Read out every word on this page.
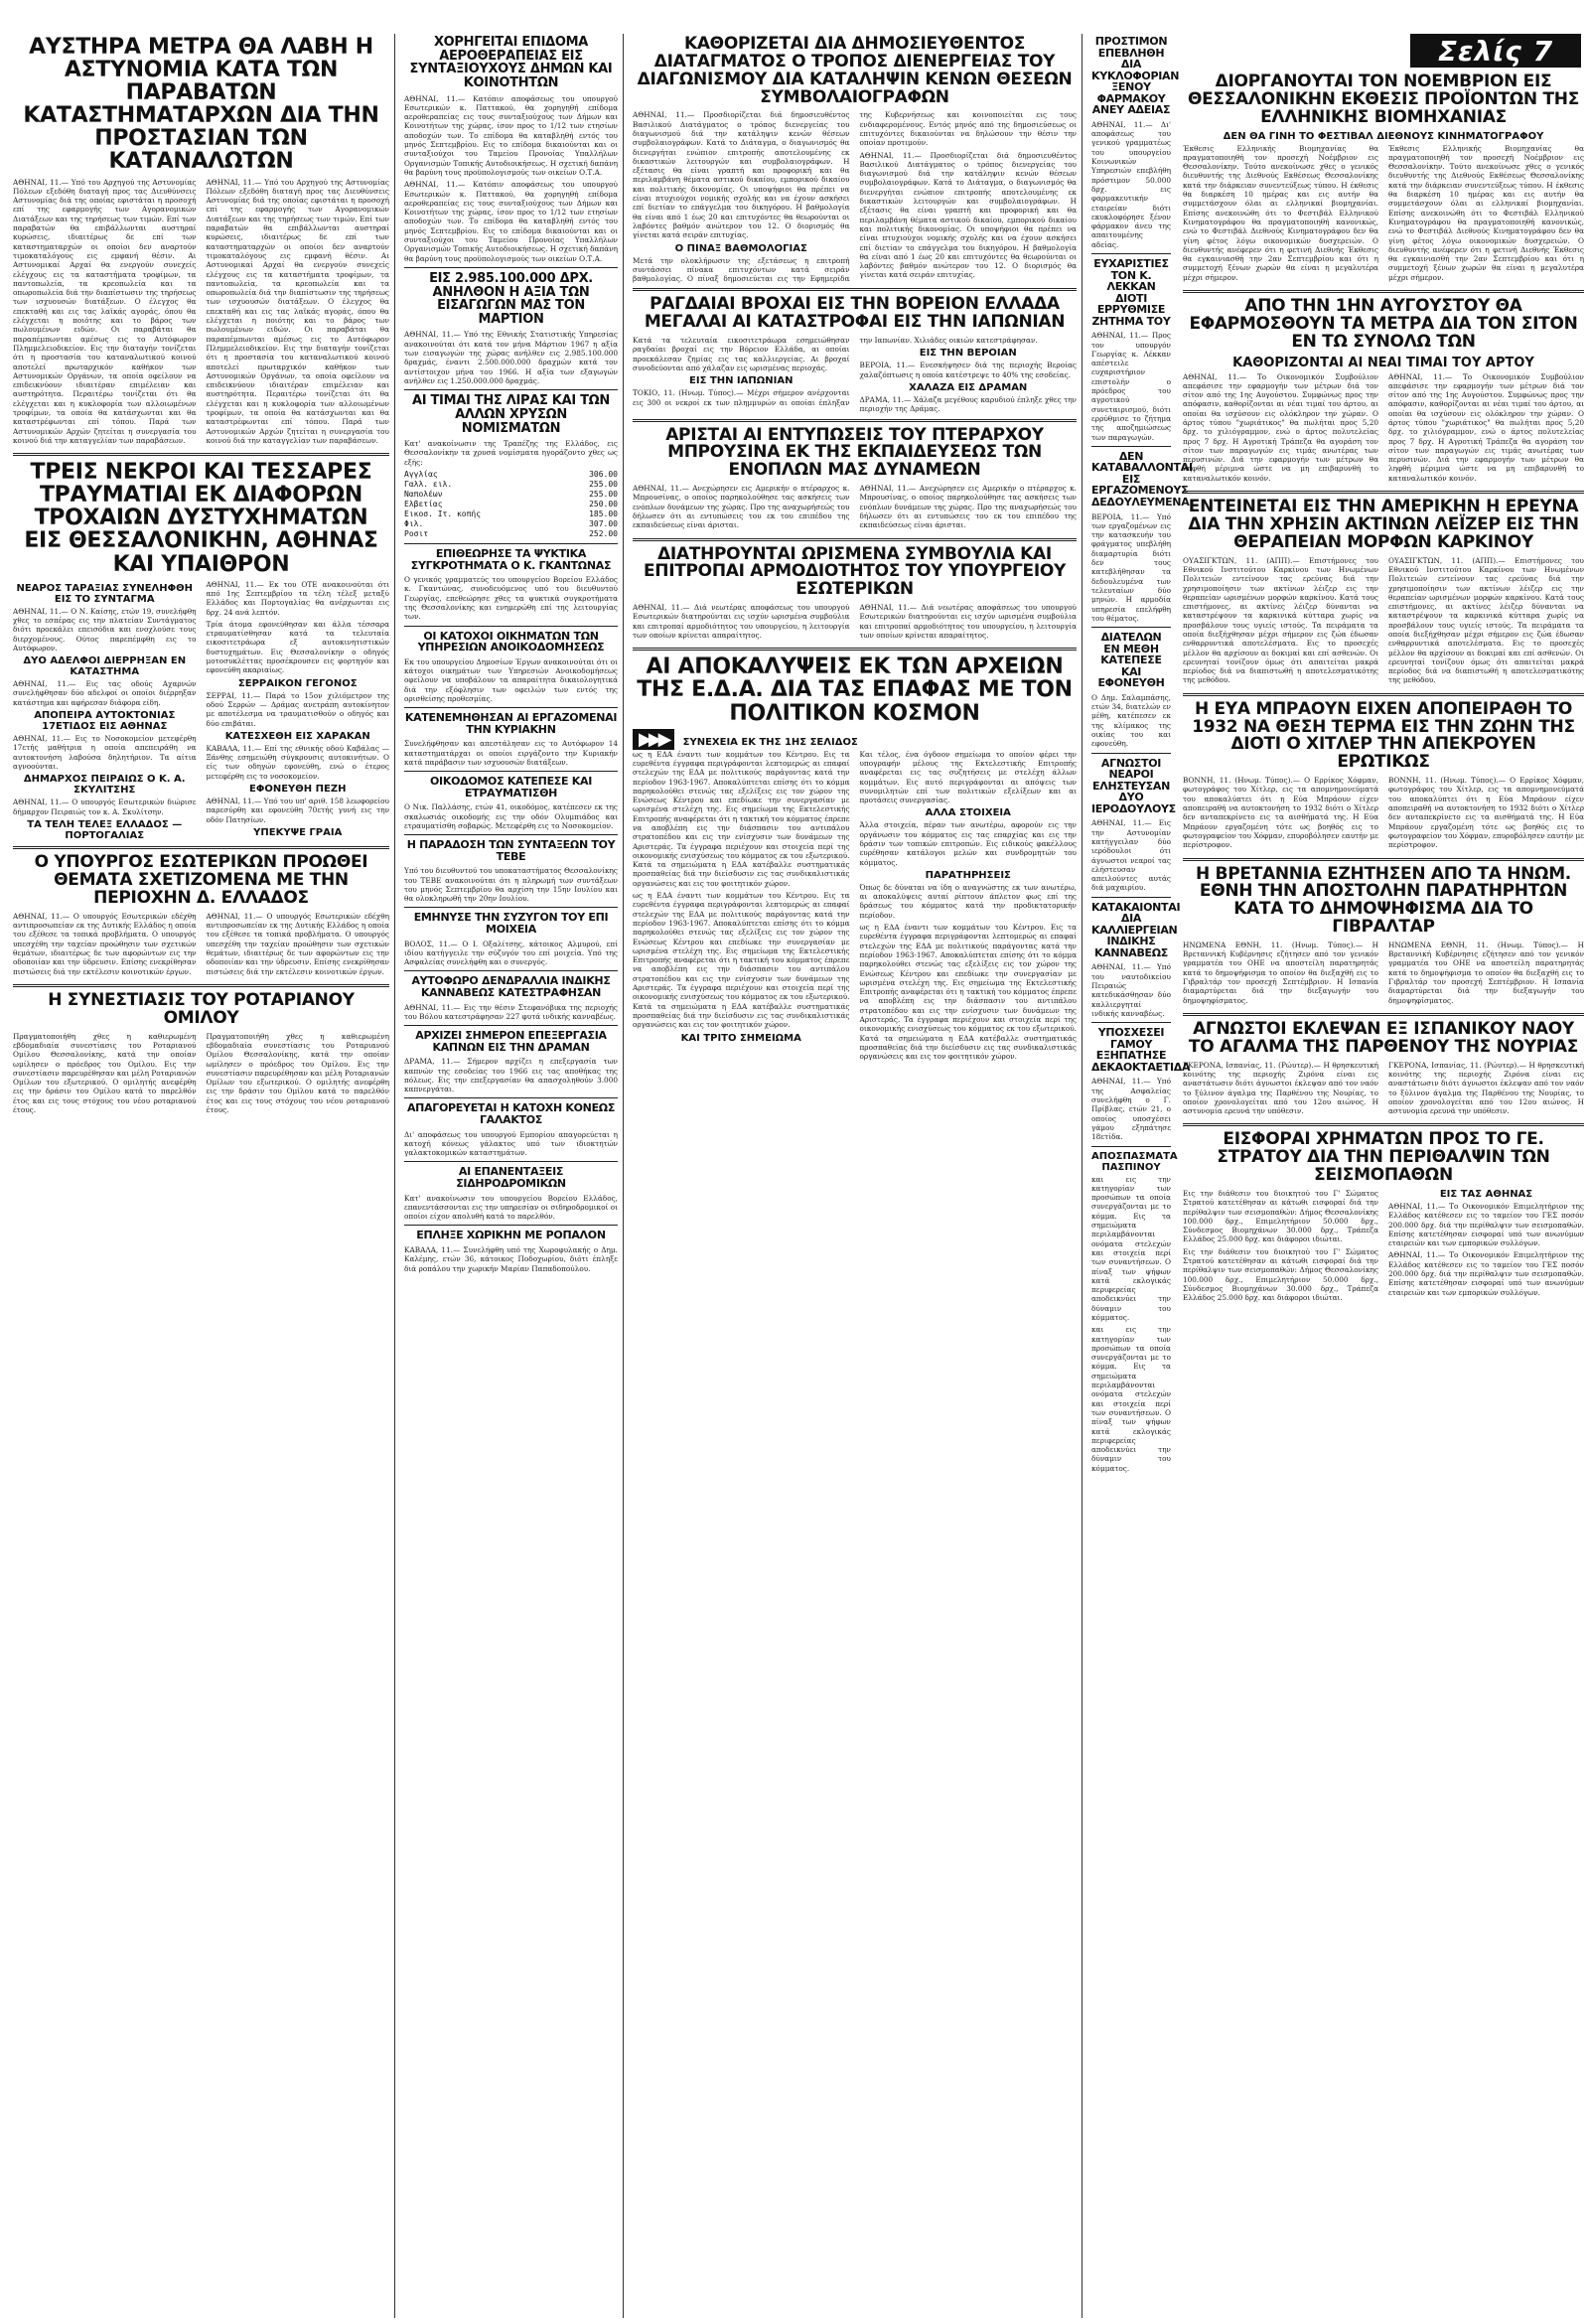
Σελίς 7
ΑΥΣΤΗΡΑ ΜΕΤΡΑ ΘΑ ΛΑΒΗ Η ΑΣΤΥΝΟΜΙΑ ΚΑΤΑ ΤΩΝ ΠΑΡΑΒΑΤΩΝ ΚΑΤΑΣΤΗΜΑΤΑΡΧΩΝ ΔΙΑ ΤΗΝ ΠΡΟΣΤΑΣΙΑΝ ΤΩΝ ΚΑΤΑΝΑΛΩΤΩΝ

ΑΘΗΝΑΙ, 11.— Υπό του Αρχηγού της Αστυνομίας Πόλεων εξεδόθη διαταγή προς τας Διευθύνσεις Αστυνομίας διά της οποίας εφιστάται η προσοχή επί της εφαρμογής των Αγορανομικών Διατάξεων και της τηρήσεως των τιμών. Επί των παραβατών θα επιβάλλωνται αυστηραί κυρώσεις, ιδιαιτέρως δε επί των καταστηματαρχών οι οποίοι δεν αναρτούν τιμοκαταλόγους εις εμφανή θέσιν. Αι Αστυνομικαί Αρχαί θα ενεργούν συνεχείς ελέγχους εις τα καταστήματα τροφίμων, τα παντοπωλεία, τα κρεοπωλεία και τα οπωροπωλεία διά την διαπίστωσιν της τηρήσεως των ισχυουσών διατάξεων. Ο έλεγχος θα επεκταθή και εις τας λαϊκάς αγοράς, όπου θα ελέγχεται η ποιότης και το βάρος των πωλουμένων ειδών. Οι παραβάται θα παραπέμπωνται αμέσως εις το Αυτόφωρον Πλημμελειοδικείον. Εις την διαταγήν τονίζεται ότι η προστασία του καταναλωτικού κοινού αποτελεί πρωταρχικόν καθήκον των Αστυνομικών Οργάνων, τα οποία οφείλουν να επιδεικνύουν ιδιαιτέραν επιμέλειαν και αυστηρότητα. Περαιτέρω τονίζεται ότι θα ελέγχεται και η κυκλοφορία των αλλοιωμένων τροφίμων, τα οποία θα κατάσχωνται και θα καταστρέφωνται επί τόπου. Παρά των Αστυνομικών Αρχών ζητείται η συνεργασία του κοινού διά την καταγγελίαν των παραβάσεων.

ΑΘΗΝΑΙ, 11.— Υπό του Αρχηγού της Αστυνομίας Πόλεων εξεδόθη διαταγή προς τας Διευθύνσεις Αστυνομίας διά της οποίας εφιστάται η προσοχή επί της εφαρμογής των Αγορανομικών Διατάξεων και της τηρήσεως των τιμών. Επί των παραβατών θα επιβάλλωνται αυστηραί κυρώσεις, ιδιαιτέρως δε επί των καταστηματαρχών οι οποίοι δεν αναρτούν τιμοκαταλόγους εις εμφανή θέσιν. Αι Αστυνομικαί Αρχαί θα ενεργούν συνεχείς ελέγχους εις τα καταστήματα τροφίμων, τα παντοπωλεία, τα κρεοπωλεία και τα οπωροπωλεία διά την διαπίστωσιν της τηρήσεως των ισχυουσών διατάξεων. Ο έλεγχος θα επεκταθή και εις τας λαϊκάς αγοράς, όπου θα ελέγχεται η ποιότης και το βάρος των πωλουμένων ειδών. Οι παραβάται θα παραπέμπωνται αμέσως εις το Αυτόφωρον Πλημμελειοδικείον. Εις την διαταγήν τονίζεται ότι η προστασία του καταναλωτικού κοινού αποτελεί πρωταρχικόν καθήκον των Αστυνομικών Οργάνων, τα οποία οφείλουν να επιδεικνύουν ιδιαιτέραν επιμέλειαν και αυστηρότητα. Περαιτέρω τονίζεται ότι θα ελέγχεται και η κυκλοφορία των αλλοιωμένων τροφίμων, τα οποία θα κατάσχωνται και θα καταστρέφωνται επί τόπου. Παρά των Αστυνομικών Αρχών ζητείται η συνεργασία του κοινού διά την καταγγελίαν των παραβάσεων.

ΤΡΕΙΣ ΝΕΚΡΟΙ ΚΑΙ ΤΕΣΣΑΡΕΣ ΤΡΑΥΜΑΤΙΑΙ ΕΚ ΔΙΑΦΟΡΩΝ ΤΡΟΧΑΙΩΝ ΔΥΣΤΥΧΗΜΑΤΩΝ ΕΙΣ ΘΕΣΣΑΛΟΝΙΚΗΝ, ΑΘΗΝΑΣ ΚΑΙ ΥΠΑΙΘΡΟΝ
ΝΕΑΡΟΣ ΤΑΡΑΞΙΑΣ ΣΥΝΕΛΗΦΘΗ ΕΙΣ ΤΟ ΣΥΝΤΑΓΜΑ

ΑΘΗΝΑΙ, 11.— Ο Ν. Καίσης, ετών 19, συνελήφθη χθες το εσπέρας εις την πλατείαν Συντάγματος διότι προεκάλει επεισόδια και ενοχλούσε τους διερχομένους. Ούτος παρεπέμφθη εις το Αυτόφωρον.

ΔΥΟ ΑΔΕΛΦΟΙ ΔΙΕΡΡΗΞΑΝ ΕΝ ΚΑΤΑΣΤΗΜΑ

ΑΘΗΝΑΙ, 11.— Εις τας οδούς Αχαρνών συνελήφθησαν δύο αδελφοί οι οποίοι διέρρηξαν κατάστημα και αφήρεσαν διάφορα είδη.

ΑΠΟΠΕΙΡΑ ΑΥΤΟΚΤΟΝΙΑΣ 17ΕΤΙΔΟΣ ΕΙΣ ΑΘΗΝΑΣ

ΑΘΗΝΑΙ, 11.— Εις το Νοσοκομείον μετεφέρθη 17ετής μαθήτρια η οποία απεπειράθη να αυτοκτονήση λαβούσα δηλητήριον. Τα αίτια αγνοούνται.

ΔΗΜΑΡΧΟΣ ΠΕΙΡΑΙΩΣ Ο Κ. Α. ΣΚΥΛΙΤΣΗΣ

ΑΘΗΝΑΙ, 11.— Ο υπουργός Εσωτερικών διώρισε δήμαρχον Πειραιώς τον κ. Α. Σκυλίτσην.

ΤΑ ΤΕΛΗ ΤΕΛΕΞ ΕΛΛΑΔΟΣ — ΠΟΡΤΟΓΑΛΙΑΣ

ΑΘΗΝΑΙ, 11.— Εκ του ΟΤΕ ανακοινούται ότι από 1ης Σεπτεμβρίου τα τέλη τέλεξ μεταξύ Ελλάδος και Πορτογαλίας θα ανέρχωνται εις δρχ. 24 ανά λεπτόν.

Τρία άτομα εφονεύθησαν και άλλα τέσσαρα ετραυματίσθησαν κατά τα τελευταία εικοσιτετράωρα εξ αυτοκινητιστικών δυστυχημάτων. Εις Θεσσαλονίκην ο οδηγός μοτοσυκλέττας προσέκρουσεν εις φορτηγόν και εφονεύθη ακαριαίως.

ΣΕΡΡΑΙΚΟΝ ΓΕΓΟΝΟΣ

ΣΕΡΡΑΙ, 11.— Παρά το 15ον χιλιόμετρον της οδού Σερρών — Δράμας ανετράπη αυτοκίνητον με αποτέλεσμα να τραυματισθούν ο οδηγός και δύο επιβάται.

ΚΑΤΕΣΧΕΘΗ ΕΙΣ ΧΑΡΑΚΑΝ

ΚΑΒΑΛΑ, 11.— Επί της εθνικής οδού Καβάλας — Ξάνθης εσημειώθη σύγκρουσις αυτοκινήτων. Ο είς των οδηγών εφονεύθη, ενώ ο έτερος μετεφέρθη εις το νοσοκομείον.

ΕΦΟΝΕΥΘΗ ΠΕΖΗ

ΑΘΗΝΑΙ, 11.— Υπό του υπ' αριθ. 158 λεωφορείου παρεσύρθη και εφονεύθη 70ετής γυνή εις την οδόν Πατησίων.

ΥΠΕΚΥΨΕ ΓΡΑΙΑ
Ο ΥΠΟΥΡΓΟΣ ΕΣΩΤΕΡΙΚΩΝ ΠΡΟΩΘΕΙ ΘΕΜΑΤΑ ΣΧΕΤΙΖΟΜΕΝΑ ΜΕ ΤΗΝ ΠΕΡΙΟΧΗΝ Δ. ΕΛΛΑΔΟΣ

ΑΘΗΝΑΙ, 11.— Ο υπουργός Εσωτερικών εδέχθη αντιπροσωπείαν εκ της Δυτικής Ελλάδος η οποία του εξέθεσε τα τοπικά προβλήματα. Ο υπουργός υπεσχέθη την ταχείαν προώθησιν των σχετικών θεμάτων, ιδιαιτέρως δε των αφορώντων εις την οδοποιίαν και την ύδρευσιν. Επίσης ενεκρίθησαν πιστώσεις διά την εκτέλεσιν κοινοτικών έργων.

ΑΘΗΝΑΙ, 11.— Ο υπουργός Εσωτερικών εδέχθη αντιπροσωπείαν εκ της Δυτικής Ελλάδος η οποία του εξέθεσε τα τοπικά προβλήματα. Ο υπουργός υπεσχέθη την ταχείαν προώθησιν των σχετικών θεμάτων, ιδιαιτέρως δε των αφορώντων εις την οδοποιίαν και την ύδρευσιν. Επίσης ενεκρίθησαν πιστώσεις διά την εκτέλεσιν κοινοτικών έργων.

Η ΣΥΝΕΣΤΙΑΣΙΣ ΤΟΥ ΡΟΤΑΡΙΑΝΟΥ ΟΜΙΛΟΥ

Πραγματοποιήθη χθες η καθιερωμένη εβδομαδιαία συνεστίασις του Ροταριανού Ομίλου Θεσσαλονίκης, κατά την οποίαν ωμίλησεν ο πρόεδρος του Ομίλου. Εις την συνεστίασιν παρευρέθησαν και μέλη Ροταριανών Ομίλων του εξωτερικού. Ο ομιλητής ανεφέρθη εις την δράσιν του Ομίλου κατά το παρελθόν έτος και εις τους στόχους του νέου ροταριανού έτους.

Πραγματοποιήθη χθες η καθιερωμένη εβδομαδιαία συνεστίασις του Ροταριανού Ομίλου Θεσσαλονίκης, κατά την οποίαν ωμίλησεν ο πρόεδρος του Ομίλου. Εις την συνεστίασιν παρευρέθησαν και μέλη Ροταριανών Ομίλων του εξωτερικού. Ο ομιλητής ανεφέρθη εις την δράσιν του Ομίλου κατά το παρελθόν έτος και εις τους στόχους του νέου ροταριανού έτους.

ΧΟΡΗΓΕΙΤΑΙ ΕΠΙΔΟΜΑ ΑΕΡΟΘΕΡΑΠΕΙΑΣ ΕΙΣ ΣΥΝΤΑΞΙΟΥΧΟΥΣ ΔΗΜΩΝ ΚΑΙ ΚΟΙΝΟΤΗΤΩΝ

ΑΘΗΝΑΙ, 11.— Κατόπιν αποφάσεως του υπουργού Εσωτερικών κ. Παττακού, θα χορηγηθή επίδομα αεροθεραπείας εις τους συνταξιούχους των Δήμων και Κοινοτήτων της χώρας, ίσον προς το 1/12 των ετησίων αποδοχών των. Το επίδομα θα καταβληθή εντός του μηνός Σεπτεμβρίου. Εις το επίδομα δικαιούνται και οι συνταξιούχοι του Ταμείου Προνοίας Υπαλλήλων Οργανισμών Τοπικής Αυτοδιοικήσεως. Η σχετική δαπάνη θα βαρύνη τους προϋπολογισμούς των οικείων Ο.Τ.Α.

ΑΘΗΝΑΙ, 11.— Κατόπιν αποφάσεως του υπουργού Εσωτερικών κ. Παττακού, θα χορηγηθή επίδομα αεροθεραπείας εις τους συνταξιούχους των Δήμων και Κοινοτήτων της χώρας, ίσον προς το 1/12 των ετησίων αποδοχών των. Το επίδομα θα καταβληθή εντός του μηνός Σεπτεμβρίου. Εις το επίδομα δικαιούνται και οι συνταξιούχοι του Ταμείου Προνοίας Υπαλλήλων Οργανισμών Τοπικής Αυτοδιοικήσεως. Η σχετική δαπάνη θα βαρύνη τους προϋπολογισμούς των οικείων Ο.Τ.Α.

ΕΙΣ 2.985.100.000 ΔΡΧ. ΑΝΗΛΘΟΝ Η ΑΞΙΑ ΤΩΝ ΕΙΣΑΓΩΓΩΝ ΜΑΣ ΤΟΝ ΜΑΡΤΙΟΝ

ΑΘΗΝΑΙ, 11.— Υπό της Εθνικής Στατιστικής Υπηρεσίας ανακοινούται ότι κατά τον μήνα Μάρτιον 1967 η αξία των εισαγωγών της χώρας ανήλθεν εις 2.985.100.000 δραχμάς, έναντι 2.500.000.000 δραχμών κατά τον αντίστοιχον μήνα του 1966. Η αξία των εξαγωγών ανήλθεν εις 1.250.000.000 δραχμάς.

ΑΙ ΤΙΜΑΙ ΤΗΣ ΛΙΡΑΣ ΚΑΙ ΤΩΝ ΑΛΛΩΝ ΧΡΥΣΩΝ ΝΟΜΙΣΜΑΤΩΝ

Κατ' ανακοίνωσιν της Τραπέζης της Ελλάδος, εις Θεσσαλονίκην τα χρυσά νομίσματα ηγοράζοντο χθες ως εξής:

Αγγλίας	306.00
Γαλλ. ειλ.	255.00
Ναπολέων	255.00
Ελβετίας	250.00
Εικοσ. Ιτ. κοπής	185.00
Φιλ.	307.00
Ροσιτ	252.00
ΕΠΙΘΕΩΡΗΣΕ ΤΑ ΨΥΚΤΙΚΑ ΣΥΓΚΡΟΤΗΜΑΤΑ Ο Κ. ΓΚΑΝΤΩΝΑΣ

Ο γενικός γραμματεύς του υπουργείου Βορείου Ελλάδος κ. Γκαντώνας, συνοδευόμενος υπό του διευθυντού Γεωργίας, επεθεώρησε χθες τα ψυκτικά συγκροτήματα της Θεσσαλονίκης και ενημερώθη επί της λειτουργίας των.

ΟΙ ΚΑΤΟΧΟΙ ΟΙΚΗΜΑΤΩΝ ΤΩΝ ΥΠΗΡΕΣΙΩΝ ΑΝΟΙΚΟΔΟΜΗΣΕΩΣ

Εκ του υπουργείου Δημοσίων Έργων ανακοινούται ότι οι κάτοχοι οικημάτων των Υπηρεσιών Ανοικοδομήσεως οφείλουν να υποβάλουν τα απαραίτητα δικαιολογητικά διά την εξόφλησιν των οφειλών των εντός της ορισθείσης προθεσμίας.

ΚΑΤΕΝΕΜΗΘΗΣΑΝ ΑΙ ΕΡΓΑΖΟΜΕΝΑΙ ΤΗΝ ΚΥΡΙΑΚΗΝ

Συνελήφθησαν και απεστάλησαν εις το Αυτόφωρον 14 καταστηματάρχαι οι οποίοι ειργάζοντο την Κυριακήν κατά παράβασιν των ισχυουσών διατάξεων.

ΟΙΚΟΔΟΜΟΣ ΚΑΤΕΠΕΣΕ ΚΑΙ ΕΤΡΑΥΜΑΤΙΣΘΗ

Ο Νικ. Παλλάσης, ετών 41, οικοδόμος, κατέπεσεν εκ της σκαλωσιάς οικοδομής εις την οδόν Ολυμπιάδος και ετραυματίσθη σοβαρώς. Μετεφέρθη εις το Νοσοκομείον.

Η ΠΑΡΑΔΟΣΗ ΤΩΝ ΣΥΝΤΑΞΕΩΝ ΤΟΥ ΤΕΒΕ

Υπό του διευθυντού του υποκαταστήματος Θεσσαλονίκης του ΤΕΒΕ ανακοινούται ότι η πληρωμή των συντάξεων του μηνός Σεπτεμβρίου θα αρχίση την 15ην Ιουλίου και θα ολοκληρωθή την 20ην Ιουλίου.

ΕΜΗΝΥΣΕ ΤΗΝ ΣΥΖΥΓΟΝ ΤΟΥ ΕΠΙ ΜΟΙΧΕΙΑ

ΒΟΛΟΣ, 11.— Ο Ι. Οξαλίτσης, κάτοικος Αλμυρού, επί ιδίου κατήγγειλε την σύζυγόν του επί μοιχεία. Υπό της Ασφαλείας συνελήφθη και ο συνεργός.

ΑΥΤΟΦΩΡΟ ΔΕΝΔΡΑΛΛΙΑ ΙΝΔΙΚΗΣ ΚΑΝΝΑΒΕΩΣ ΚΑΤΕΣΤΡΑΦΗΣΑΝ

ΑΘΗΝΑΙ, 11.— Εις την θέσιν Στεφανόβικα της περιοχής του Βόλου κατεστράφησαν 227 φυτά ινδικής κανναβέως.

ΑΡΧΙΖΕΙ ΣΗΜΕΡΟΝ ΕΠΕΞΕΡΓΑΣΙΑ ΚΑΠΝΩΝ ΕΙΣ ΤΗΝ ΔΡΑΜΑΝ

ΔΡΑΜΑ, 11.— Σήμερον αρχίζει η επεξεργασία των καπνών της εσοδείας του 1966 εις τας αποθήκας της πόλεως. Εις την επεξεργασίαν θα απασχοληθούν 3.000 καπνεργάται.

ΑΠΑΓΟΡΕΥΕΤΑΙ Η ΚΑΤΟΧΗ ΚΟΝΕΩΣ ΓΑΛΑΚΤΟΣ

Δι' αποφάσεως του υπουργού Εμπορίου απαγορεύεται η κατοχή κόνεως γάλακτος υπό των ιδιοκτητών γαλακτοκομικών καταστημάτων.

ΑΙ ΕΠΑΝΕΝΤΑΞΕΙΣ ΣΙΔΗΡΟΔΡΟΜΙΚΩΝ

Κατ' ανακοίνωσιν του υπουργείου Βορείου Ελλάδος, επανεντάσσονται εις την υπηρεσίαν οι σιδηροδρομικοί οι οποίοι είχον απολυθή κατά το παρελθόν.

ΕΠΛΗΞΕ ΧΩΡΙΚΗΝ ΜΕ ΡΟΠΑΛΟΝ

ΚΑΒΑΛΑ, 11.— Συνελήφθη υπό της Χωροφυλακής ο Δημ. Καλέμης, ετών 36, κάτοικος Ποδοχωρίου, διότι έπληξε διά ροπάλου την χωρικήν Μαρίαν Παπαδοπούλου.

ΚΑΘΟΡΙΖΕΤΑΙ ΔΙΑ ΔΗΜΟΣΙΕΥΘΕΝΤΟΣ ΔΙΑΤΑΓΜΑΤΟΣ Ο ΤΡΟΠΟΣ ΔΙΕΝΕΡΓΕΙΑΣ ΤΟΥ ΔΙΑΓΩΝΙΣΜΟΥ ΔΙΑ ΚΑΤΑΛΗΨΙΝ ΚΕΝΩΝ ΘΕΣΕΩΝ ΣΥΜΒΟΛΑΙΟΓΡΑΦΩΝ

ΑΘΗΝΑΙ, 11.— Προσδιορίζεται διά δημοσιευθέντος Βασιλικού Διατάγματος ο τρόπος διενεργείας του διαγωνισμού διά την κατάληψιν κενών θέσεων συμβολαιογράφων. Κατά το Διάταγμα, ο διαγωνισμός θα διενεργήται ενώπιον επιτροπής αποτελουμένης εκ δικαστικών λειτουργών και συμβολαιογράφων. Η εξέτασις θα είναι γραπτή και προφορική και θα περιλαμβάνη θέματα αστικού δικαίου, εμπορικού δικαίου και πολιτικής δικονομίας. Οι υποψήφιοι θα πρέπει να είναι πτυχιούχοι νομικής σχολής και να έχουν ασκήσει επί διετίαν το επάγγελμα του δικηγόρου. Η βαθμολογία θα είναι από 1 έως 20 και επιτυχόντες θα θεωρούνται οι λαβόντες βαθμόν ανώτερον του 12. Ο διορισμός θα γίνεται κατά σειράν επιτυχίας.

Ο ΠΙΝΑΞ ΒΑΘΜΟΛΟΓΙΑΣ

Μετά την ολοκλήρωσιν της εξετάσεως η επιτροπή συντάσσει πίνακα επιτυχόντων κατά σειράν βαθμολογίας. Ο πίναξ δημοσιεύεται εις την Εφημερίδα της Κυβερνήσεως και κοινοποιείται εις τους ενδιαφερομένους. Εντός μηνός από της δημοσιεύσεως οι επιτυχόντες δικαιούνται να δηλώσουν την θέσιν την οποίαν προτιμούν.

ΑΘΗΝΑΙ, 11.— Προσδιορίζεται διά δημοσιευθέντος Βασιλικού Διατάγματος ο τρόπος διενεργείας του διαγωνισμού διά την κατάληψιν κενών θέσεων συμβολαιογράφων. Κατά το Διάταγμα, ο διαγωνισμός θα διενεργήται ενώπιον επιτροπής αποτελουμένης εκ δικαστικών λειτουργών και συμβολαιογράφων. Η εξέτασις θα είναι γραπτή και προφορική και θα περιλαμβάνη θέματα αστικού δικαίου, εμπορικού δικαίου και πολιτικής δικονομίας. Οι υποψήφιοι θα πρέπει να είναι πτυχιούχοι νομικής σχολής και να έχουν ασκήσει επί διετίαν το επάγγελμα του δικηγόρου. Η βαθμολογία θα είναι από 1 έως 20 και επιτυχόντες θα θεωρούνται οι λαβόντες βαθμόν ανώτερον του 12. Ο διορισμός θα γίνεται κατά σειράν επιτυχίας.

ΡΑΓΔΑΙΑΙ ΒΡΟΧΑΙ ΕΙΣ ΤΗΝ ΒΟΡΕΙΟΝ ΕΛΛΑΔΑ ΜΕΓΑΛΑΙ ΑΙ ΚΑΤΑΣΤΡΟΦΑΙ ΕΙΣ ΤΗΝ ΙΑΠΩΝΙΑΝ

Κατά τα τελευταία εικοσιτετράωρα εσημειώθησαν ραγδαίαι βροχαί εις την Βόρειον Ελλάδα, αι οποίαι προεκάλεσαν ζημίας εις τας καλλιεργείας. Αι βροχαί συνοδεύονται από χάλαζαν εις ωρισμένας περιοχάς.

ΕΙΣ ΤΗΝ ΙΑΠΩΝΙΑΝ

ΤΟΚΙΟ, 11. (Ηνωμ. Τύπος).— Μέχρι σήμερον ανέρχονται εις 300 οι νεκροί εκ των πλημμυρών αι οποίαι έπληξαν την Ιαπωνίαν. Χιλιάδες οικιών κατεστράφησαν.

ΕΙΣ ΤΗΝ ΒΕΡΟΙΑΝ

ΒΕΡΟΙΑ, 11.— Ενεσκήψησεν διά της περιοχής Βεροίας χαλαζόπτωσις η οποία κατέστρεψε το 40% της εσοδείας.

ΧΑΛΑΖΑ ΕΙΣ ΔΡΑΜΑΝ

ΔΡΑΜΑ, 11.— Χάλαζα μεγέθους καρυδιού έπληξε χθες την περιοχήν της Δράμας.

ΑΡΙΣΤΑΙ ΑΙ ΕΝΤΥΠΩΣΕΙΣ ΤΟΥ ΠΤΕΡΑΡΧΟΥ ΜΠΡΟΥΣΙΝΑ ΕΚ ΤΗΣ ΕΚΠΑΙΔΕΥΣΕΩΣ ΤΩΝ ΕΝΟΠΛΩΝ ΜΑΣ ΔΥΝΑΜΕΩΝ

ΑΘΗΝΑΙ, 11.— Ανεχώρησεν εις Αμερικήν ο πτέραρχος κ. Μπρουσίνας, ο οποίος παρηκολούθησε τας ασκήσεις των ενόπλων δυνάμεων της χώρας. Προ της αναχωρήσεώς του δήλωσεν ότι αι εντυπώσεις του εκ του επιπέδου της εκπαιδεύσεως είναι άρισται.

ΑΘΗΝΑΙ, 11.— Ανεχώρησεν εις Αμερικήν ο πτέραρχος κ. Μπρουσίνας, ο οποίος παρηκολούθησε τας ασκήσεις των ενόπλων δυνάμεων της χώρας. Προ της αναχωρήσεώς του δήλωσεν ότι αι εντυπώσεις του εκ του επιπέδου της εκπαιδεύσεως είναι άρισται.

ΔΙΑΤΗΡΟΥΝΤΑΙ ΩΡΙΣΜΕΝΑ ΣΥΜΒΟΥΛΙΑ ΚΑΙ ΕΠΙΤΡΟΠΑΙ ΑΡΜΟΔΙΟΤΗΤΟΣ ΤΟΥ ΥΠΟΥΡΓΕΙΟΥ ΕΣΩΤΕΡΙΚΩΝ

ΑΘΗΝΑΙ, 11.— Διά νεωτέρας αποφάσεως του υπουργού Εσωτερικών διατηρούνται εις ισχύν ωρισμένα συμβούλια και επιτροπαί αρμοδιότητος του υπουργείου, η λειτουργία των οποίων κρίνεται απαραίτητος.

ΑΘΗΝΑΙ, 11.— Διά νεωτέρας αποφάσεως του υπουργού Εσωτερικών διατηρούνται εις ισχύν ωρισμένα συμβούλια και επιτροπαί αρμοδιότητος του υπουργείου, η λειτουργία των οποίων κρίνεται απαραίτητος.

ΑΙ ΑΠΟΚΑΛΥΨΕΙΣ ΕΚ ΤΩΝ ΑΡΧΕΙΩΝ ΤΗΣ Ε.Δ.Α. ΔΙΑ ΤΑΣ ΕΠΑΦΑΣ ΜΕ ΤΟΝ ΠΟΛΙΤΙΚΟΝ ΚΟΣΜΟΝ
▶▶▶ ΣΥΝΕΧΕΙΑ ΕΚ ΤΗΣ 1ΗΣ ΣΕΛΙΔΟΣ

ως η ΕΔΑ έναντι των κομμάτων του Κέντρου. Εις τα ευρεθέντα έγγραφα περιγράφονται λεπτομερώς αι επαφαί στελεχών της ΕΔΑ με πολιτικούς παράγοντας κατά την περίοδον 1963-1967. Αποκαλύπτεται επίσης ότι το κόμμα παρηκολούθει στενώς τας εξελίξεις εις τον χώρον της Ενώσεως Κέντρου και επεδίωκε την συνεργασίαν με ωρισμένα στελέχη της. Εις σημείωμα της Εκτελεστικής Επιτροπής αναφέρεται ότι η τακτική του κόμματος έπρεπε να αποβλέπη εις την διάσπασιν του αντιπάλου στρατοπέδου και εις την ενίσχυσιν των δυνάμεων της Αριστεράς. Τα έγγραφα περιέχουν και στοιχεία περί της οικονομικής ενισχύσεως του κόμματος εκ του εξωτερικού. Κατά τα σημειώματα η ΕΔΑ κατέβαλλε συστηματικάς προσπαθείας διά την διείσδυσιν εις τας συνδικαλιστικάς οργανώσεις και εις τον φοιτητικόν χώρον.

ως η ΕΔΑ έναντι των κομμάτων του Κέντρου. Εις τα ευρεθέντα έγγραφα περιγράφονται λεπτομερώς αι επαφαί στελεχών της ΕΔΑ με πολιτικούς παράγοντας κατά την περίοδον 1963-1967. Αποκαλύπτεται επίσης ότι το κόμμα παρηκολούθει στενώς τας εξελίξεις εις τον χώρον της Ενώσεως Κέντρου και επεδίωκε την συνεργασίαν με ωρισμένα στελέχη της. Εις σημείωμα της Εκτελεστικής Επιτροπής αναφέρεται ότι η τακτική του κόμματος έπρεπε να αποβλέπη εις την διάσπασιν του αντιπάλου στρατοπέδου και εις την ενίσχυσιν των δυνάμεων της Αριστεράς. Τα έγγραφα περιέχουν και στοιχεία περί της οικονομικής ενισχύσεως του κόμματος εκ του εξωτερικού. Κατά τα σημειώματα η ΕΔΑ κατέβαλλε συστηματικάς προσπαθείας διά την διείσδυσιν εις τας συνδικαλιστικάς οργανώσεις και εις τον φοιτητικόν χώρον.

ΚΑΙ ΤΡΙΤΟ ΣΗΜΕΙΩΜΑ

Και τέλος, ένα όγδοον σημείωμα το οποίον φέρει την υπογραφήν μέλους της Εκτελεστικής Επιτροπής αναφέρεται εις τας συζητήσεις με στελέχη άλλων κομμάτων. Εις αυτό περιγράφονται αι απόψεις των συνομιλητών επί των πολιτικών εξελίξεων και αι προτάσεις συνεργασίας.

ΑΛΛΑ ΣΤΟΙΧΕΙΑ

Άλλα στοιχεία, πέραν των ανωτέρω, αφορούν εις την οργάνωσιν του κόμματος εις τας επαρχίας και εις την δράσιν των τοπικών επιτροπών. Εις ειδικούς φακέλλους ευρέθησαν κατάλογοι μελών και συνδρομητών του κόμματος.

ΠΑΡΑΤΗΡΗΣΕΙΣ

Όπως δε δύναται να ίδη ο αναγνώστης εκ των ανωτέρω, αι αποκαλύψεις αυταί ρίπτουν άπλετον φως επί της δράσεως του κόμματος κατά την προδικτατορικήν περίοδον.

ως η ΕΔΑ έναντι των κομμάτων του Κέντρου. Εις τα ευρεθέντα έγγραφα περιγράφονται λεπτομερώς αι επαφαί στελεχών της ΕΔΑ με πολιτικούς παράγοντας κατά την περίοδον 1963-1967. Αποκαλύπτεται επίσης ότι το κόμμα παρηκολούθει στενώς τας εξελίξεις εις τον χώρον της Ενώσεως Κέντρου και επεδίωκε την συνεργασίαν με ωρισμένα στελέχη της. Εις σημείωμα της Εκτελεστικής Επιτροπής αναφέρεται ότι η τακτική του κόμματος έπρεπε να αποβλέπη εις την διάσπασιν του αντιπάλου στρατοπέδου και εις την ενίσχυσιν των δυνάμεων της Αριστεράς. Τα έγγραφα περιέχουν και στοιχεία περί της οικονομικής ενισχύσεως του κόμματος εκ του εξωτερικού. Κατά τα σημειώματα η ΕΔΑ κατέβαλλε συστηματικάς προσπαθείας διά την διείσδυσιν εις τας συνδικαλιστικάς οργανώσεις και εις τον φοιτητικόν χώρον.

ΠΡΟΣΤΙΜΟΝ ΕΠΕΒΛΗΘΗ ΔΙΑ ΚΥΚΛΟΦΟΡΙΑΝ ΞΕΝΟΥ ΦΑΡΜΑΚΟΥ ΑΝΕΥ ΑΔΕΙΑΣ

ΑΘΗΝΑΙ, 11.— Δι' αποφάσεως του γενικού γραμματέως του υπουργείου Κοινωνικών Υπηρεσιών επεβλήθη πρόστιμον 50.000 δρχ. εις φαρμακευτικήν εταιρείαν διότι εκυκλοφόρησε ξένον φάρμακον άνευ της απαιτουμένης αδείας.

ΕΥΧΑΡΙΣΤΙΕΣ ΤΟΝ Κ. ΛΕΚΚΑΝ ΔΙΟΤΙ ΕΡΡΥΘΜΙΣΕ ΖΗΤΗΜΑ ΤΟΥ

ΑΘΗΝΑΙ, 11.— Προς τον υπουργόν Γεωργίας κ. Λέκκαν απέστειλε ευχαριστήριον επιστολήν ο πρόεδρος του αγροτικού συνεταιρισμού, διότι ερρύθμισε το ζήτημα της αποζημιώσεως των παραγωγών.

ΔΕΝ ΚΑΤΑΒΑΛΛΟΝΤΑΙ ΕΙΣ ΕΡΓΑΖΟΜΕΝΟΥΣ ΔΕΔΟΥΛΕΥΜΕΝΑ

ΒΕΡΟΙΑ, 11.— Υπό των εργαζομένων εις την κατασκευήν του φράγματος υπεβλήθη διαμαρτυρία διότι δεν τους κατεβλήθησαν τα δεδουλευμένα των τελευταίων δύο μηνών. Η αρμοδία υπηρεσία επελήφθη του θέματος.

ΔΙΑΤΕΛΩΝ ΕΝ ΜΕΘΗ ΚΑΤΕΠΕΣΕ ΚΑΙ ΕΦΟΝΕΥΘΗ

Ο Δημ. Σαλαμπάσης, ετών 34, διατελών εν μέθη, κατέπεσεν εκ της κλίμακος της οικίας του και εφονεύθη.

ΑΓΝΩΣΤΟΙ ΝΕΑΡΟΙ ΕΛΗΣΤΕΥΣΑΝ ΔΥΟ ΙΕΡΟΔΟΥΛΟΥΣ

ΑΘΗΝΑΙ, 11.— Εις την Αστυνομίαν κατήγγειλαν δύο ιερόδουλοι ότι άγνωστοι νεαροί τας ελήστευσαν απειλούντες αυτάς διά μαχαιρίου.

ΚΑΤΑΚΑΙΟΝΤΑΙ ΔΙΑ ΚΑΛΛΙΕΡΓΕΙΑΝ ΙΝΔΙΚΗΣ ΚΑΝΝΑΒΕΩΣ

ΑΘΗΝΑΙ, 11.— Υπό του ναυτοδικείου Πειραιώς κατεδικάσθησαν δύο καλλιεργηταί ινδικής κανναβέως.

ΥΠΟΣΧΕΣΕΙ ΓΑΜΟΥ ΕΞΗΠΑΤΗΣΕ ΔΕΚΑΟΚΤΑΕΤΙΔΑ

ΑΘΗΝΑΙ, 11.— Υπό της Ασφαλείας συνελήφθη ο Γ. Πρίβλας, ετών 21, ο οποίος υποσχέσει γάμου εξηπάτησε 18ετίδα.

ΑΠΟΣΠΑΣΜΑΤΑ ΠΑΣΠΙΝΟΥ

και εις την κατηγορίαν των προσώπων τα οποία συνεργάζονται με το κόμμα. Εις τα σημειώματα περιλαμβάνονται ονόματα στελεχών και στοιχεία περί των συναντήσεων. Ο πίναξ των ψήφων κατά εκλογικάς περιφερείας αποδεικνύει την δύναμιν του κόμματος.

και εις την κατηγορίαν των προσώπων τα οποία συνεργάζονται με το κόμμα. Εις τα σημειώματα περιλαμβάνονται ονόματα στελεχών και στοιχεία περί των συναντήσεων. Ο πίναξ των ψήφων κατά εκλογικάς περιφερείας αποδεικνύει την δύναμιν του κόμματος.

ΔΙΟΡΓΑΝΟΥΤΑΙ ΤΟΝ ΝΟΕΜΒΡΙΟΝ ΕΙΣ ΘΕΣΣΑΛΟΝΙΚΗΝ ΕΚΘΕΣΙΣ ΠΡΟΪΟΝΤΩΝ ΤΗΣ ΕΛΛΗΝΙΚΗΣ ΒΙΟΜΗΧΑΝΙΑΣ
ΔΕΝ ΘΑ ΓΙΝΗ ΤΟ ΦΕΣΤΙΒΑΛ ΔΙΕΘΝΟΥΣ ΚΙΝΗΜΑΤΟΓΡΑΦΟΥ

Έκθεσις Ελληνικής Βιομηχανίας θα πραγματοποιηθή τον προσεχή Νοέμβριον εις Θεσσαλονίκην. Τούτο ανεκοίνωσε χθες ο γενικός διευθυντής της Διεθνούς Εκθέσεως Θεσσαλονίκης κατά την διάρκειαν συνεντεύξεως τύπου. Η έκθεσις θα διαρκέση 10 ημέρας και εις αυτήν θα συμμετάσχουν όλαι αι ελληνικαί βιομηχανίαι. Επίσης ανεκοινώθη ότι το Φεστιβάλ Ελληνικού Κινηματογράφου θα πραγματοποιηθή κανονικώς, ενώ το Φεστιβάλ Διεθνούς Κινηματογράφου δεν θα γίνη φέτος λόγω οικονομικών δυσχερειών. Ο διευθυντής ανέφερεν ότι η φετινή Διεθνής Έκθεσις θα εγκαινιασθή την 2αν Σεπτεμβρίου και ότι η συμμετοχή ξένων χωρών θα είναι η μεγαλυτέρα μέχρι σήμερον.

Έκθεσις Ελληνικής Βιομηχανίας θα πραγματοποιηθή τον προσεχή Νοέμβριον εις Θεσσαλονίκην. Τούτο ανεκοίνωσε χθες ο γενικός διευθυντής της Διεθνούς Εκθέσεως Θεσσαλονίκης κατά την διάρκειαν συνεντεύξεως τύπου. Η έκθεσις θα διαρκέση 10 ημέρας και εις αυτήν θα συμμετάσχουν όλαι αι ελληνικαί βιομηχανίαι. Επίσης ανεκοινώθη ότι το Φεστιβάλ Ελληνικού Κινηματογράφου θα πραγματοποιηθή κανονικώς, ενώ το Φεστιβάλ Διεθνούς Κινηματογράφου δεν θα γίνη φέτος λόγω οικονομικών δυσχερειών. Ο διευθυντής ανέφερεν ότι η φετινή Διεθνής Έκθεσις θα εγκαινιασθή την 2αν Σεπτεμβρίου και ότι η συμμετοχή ξένων χωρών θα είναι η μεγαλυτέρα μέχρι σήμερον.

ΑΠΟ ΤΗΝ 1ΗΝ ΑΥΓΟΥΣΤΟΥ ΘΑ ΕΦΑΡΜΟΣΘΟΥΝ ΤΑ ΜΕΤΡΑ ΔΙΑ ΤΟΝ ΣΙΤΟΝ ΕΝ ΤΩ ΣΥΝΟΛΩ ΤΩΝ
ΚΑΘΟΡΙΖΟΝΤΑΙ ΑΙ ΝΕΑΙ ΤΙΜΑΙ ΤΟΥ ΑΡΤΟΥ

ΑΘΗΝΑΙ, 11.— Το Οικονομικόν Συμβούλιον απεφάσισε την εφαρμογήν των μέτρων διά τον σίτον από της 1ης Αυγούστου. Συμφώνως προς την απόφασιν, καθορίζονται αι νέαι τιμαί του άρτου, αι οποίαι θα ισχύσουν εις ολόκληρον την χώραν. Ο άρτος τύπου "χωριάτικος" θα πωλήται προς 5,20 δρχ. το χιλιόγραμμον, ενώ ο άρτος πολυτελείας προς 7 δρχ. Η Αγροτική Τράπεζα θα αγοράση τον σίτον των παραγωγών εις τιμάς ανωτέρας των περυσινών. Διά την εφαρμογήν των μέτρων θα ληφθή μέριμνα ώστε να μη επιβαρυνθή το καταναλωτικόν κοινόν.

ΑΘΗΝΑΙ, 11.— Το Οικονομικόν Συμβούλιον απεφάσισε την εφαρμογήν των μέτρων διά τον σίτον από της 1ης Αυγούστου. Συμφώνως προς την απόφασιν, καθορίζονται αι νέαι τιμαί του άρτου, αι οποίαι θα ισχύσουν εις ολόκληρον την χώραν. Ο άρτος τύπου "χωριάτικος" θα πωλήται προς 5,20 δρχ. το χιλιόγραμμον, ενώ ο άρτος πολυτελείας προς 7 δρχ. Η Αγροτική Τράπεζα θα αγοράση τον σίτον των παραγωγών εις τιμάς ανωτέρας των περυσινών. Διά την εφαρμογήν των μέτρων θα ληφθή μέριμνα ώστε να μη επιβαρυνθή το καταναλωτικόν κοινόν.

ΕΝΤΕΙΝΕΤΑΙ ΕΙΣ ΤΗΝ ΑΜΕΡΙΚΗΝ Η ΕΡΕΥΝΑ ΔΙΑ ΤΗΝ ΧΡΗΣΙΝ ΑΚΤΙΝΩΝ ΛΕΪΖΕΡ ΕΙΣ ΤΗΝ ΘΕΡΑΠΕΙΑΝ ΜΟΡΦΩΝ ΚΑΡΚΙΝΟΥ

ΟΥΑΣΙΓΚΤΩΝ, 11. (ΑΠΠ).— Επιστήμονες του Εθνικού Ινστιτούτου Καρκίνου των Ηνωμένων Πολιτειών εντείνουν τας ερεύνας διά την χρησιμοποίησιν των ακτίνων λέιζερ εις την θεραπείαν ωρισμένων μορφών καρκίνου. Κατά τους επιστήμονες, αι ακτίνες λέιζερ δύνανται να καταστρέψουν τα καρκινικά κύτταρα χωρίς να προσβάλουν τους υγιείς ιστούς. Τα πειράματα τα οποία διεξήχθησαν μέχρι σήμερον εις ζώα έδωσαν ενθαρρυντικά αποτελέσματα. Εις το προσεχές μέλλον θα αρχίσουν αι δοκιμαί και επί ασθενών. Οι ερευνηταί τονίζουν όμως ότι απαιτείται μακρά περίοδος διά να διαπιστωθή η αποτελεσματικότης της μεθόδου.

ΟΥΑΣΙΓΚΤΩΝ, 11. (ΑΠΠ).— Επιστήμονες του Εθνικού Ινστιτούτου Καρκίνου των Ηνωμένων Πολιτειών εντείνουν τας ερεύνας διά την χρησιμοποίησιν των ακτίνων λέιζερ εις την θεραπείαν ωρισμένων μορφών καρκίνου. Κατά τους επιστήμονες, αι ακτίνες λέιζερ δύνανται να καταστρέψουν τα καρκινικά κύτταρα χωρίς να προσβάλουν τους υγιείς ιστούς. Τα πειράματα τα οποία διεξήχθησαν μέχρι σήμερον εις ζώα έδωσαν ενθαρρυντικά αποτελέσματα. Εις το προσεχές μέλλον θα αρχίσουν αι δοκιμαί και επί ασθενών. Οι ερευνηταί τονίζουν όμως ότι απαιτείται μακρά περίοδος διά να διαπιστωθή η αποτελεσματικότης της μεθόδου.

Η ΕΥΑ ΜΠΡΑΟΥΝ ΕΙΧΕΝ ΑΠΟΠΕΙΡΑΘΗ ΤΟ 1932 ΝΑ ΘΕΣΗ ΤΕΡΜΑ ΕΙΣ ΤΗΝ ΖΩΗΝ ΤΗΣ ΔΙΟΤΙ Ο ΧΙΤΛΕΡ ΤΗΝ ΑΠΕΚΡΟΥΕΝ ΕΡΩΤΙΚΩΣ

ΒΟΝΝΗ, 11. (Ηνωμ. Τύπος).— Ο Ερρίκος Χόφμαν, φωτογράφος του Χίτλερ, εις τα απομνημονεύματά του αποκαλύπτει ότι η Εύα Μπράουν είχεν αποπειραθή να αυτοκτονήση το 1932 διότι ο Χίτλερ δεν ανταπεκρίνετο εις τα αισθήματά της. Η Εύα Μπράουν εργαζομένη τότε ως βοηθός εις το φωτογραφείον του Χόφμαν, επυροβόλησεν εαυτήν με περίστροφον.

ΒΟΝΝΗ, 11. (Ηνωμ. Τύπος).— Ο Ερρίκος Χόφμαν, φωτογράφος του Χίτλερ, εις τα απομνημονεύματά του αποκαλύπτει ότι η Εύα Μπράουν είχεν αποπειραθή να αυτοκτονήση το 1932 διότι ο Χίτλερ δεν ανταπεκρίνετο εις τα αισθήματά της. Η Εύα Μπράουν εργαζομένη τότε ως βοηθός εις το φωτογραφείον του Χόφμαν, επυροβόλησεν εαυτήν με περίστροφον.

Η ΒΡΕΤΑΝΝΙΑ ΕΖΗΤΗΣΕΝ ΑΠΟ ΤΑ ΗΝΩΜ. ΕΘΝΗ ΤΗΝ ΑΠΟΣΤΟΛΗΝ ΠΑΡΑΤΗΡΗΤΩΝ ΚΑΤΑ ΤΟ ΔΗΜΟΨΗΦΙΣΜΑ ΔΙΑ ΤΟ ΓΙΒΡΑΛΤΑΡ

ΗΝΩΜΕΝΑ ΕΘΝΗ, 11. (Ηνωμ. Τύπος).— Η Βρεταννική Κυβέρνησις εζήτησεν από τον γενικόν γραμματέα του ΟΗΕ να αποστείλη παρατηρητάς κατά το δημοψήφισμα το οποίον θα διεξαχθή εις το Γιβραλτάρ τον προσεχή Σεπτέμβριον. Η Ισπανία διαμαρτύρεται διά την διεξαγωγήν του δημοψηφίσματος.

ΗΝΩΜΕΝΑ ΕΘΝΗ, 11. (Ηνωμ. Τύπος).— Η Βρεταννική Κυβέρνησις εζήτησεν από τον γενικόν γραμματέα του ΟΗΕ να αποστείλη παρατηρητάς κατά το δημοψήφισμα το οποίον θα διεξαχθή εις το Γιβραλτάρ τον προσεχή Σεπτέμβριον. Η Ισπανία διαμαρτύρεται διά την διεξαγωγήν του δημοψηφίσματος.

ΑΓΝΩΣΤΟΙ ΕΚΛΕΨΑΝ ΕΞ ΙΣΠΑΝΙΚΟΥ ΝΑΟΥ ΤΟ ΑΓΑΛΜΑ ΤΗΣ ΠΑΡΘΕΝΟΥ ΤΗΣ ΝΟΥΡΙΑΣ

ΓΚΕΡΟΝΑ, Ισπανίας, 11. (Ρώυτερ).— Η θρησκευτική κοινότης της περιοχής Ζιρόνα είναι εις αναστάτωσιν διότι άγνωστοι έκλεψαν από τον ναόν το ξύλινον άγαλμα της Παρθένου της Νουρίας, το οποίον χρονολογείται από του 12ου αιώνος. Η αστυνομία ερευνά την υπόθεσιν.

ΓΚΕΡΟΝΑ, Ισπανίας, 11. (Ρώυτερ).— Η θρησκευτική κοινότης της περιοχής Ζιρόνα είναι εις αναστάτωσιν διότι άγνωστοι έκλεψαν από τον ναόν το ξύλινον άγαλμα της Παρθένου της Νουρίας, το οποίον χρονολογείται από του 12ου αιώνος. Η αστυνομία ερευνά την υπόθεσιν.

ΕΙΣΦΟΡΑΙ ΧΡΗΜΑΤΩΝ ΠΡΟΣ ΤΟ ΓΕ. ΣΤΡΑΤΟΥ ΔΙΑ ΤΗΝ ΠΕΡΙΘΑΛΨΙΝ ΤΩΝ ΣΕΙΣΜΟΠΑΘΩΝ

Εις την διάθεσιν του διοικητού του Γ' Σώματος Στρατού κατετέθησαν αι κάτωθι εισφοραί διά την περίθαλψιν των σεισμοπαθών: Δήμος Θεσσαλονίκης 100.000 δρχ., Επιμελητήριον 50.000 δρχ., Σύνδεσμος Βιομηχάνων 30.000 δρχ., Τράπεζα Ελλάδος 25.000 δρχ. και διάφοροι ιδιώται.

Εις την διάθεσιν του διοικητού του Γ' Σώματος Στρατού κατετέθησαν αι κάτωθι εισφοραί διά την περίθαλψιν των σεισμοπαθών: Δήμος Θεσσαλονίκης 100.000 δρχ., Επιμελητήριον 50.000 δρχ., Σύνδεσμος Βιομηχάνων 30.000 δρχ., Τράπεζα Ελλάδος 25.000 δρχ. και διάφοροι ιδιώται.

ΕΙΣ ΤΑΣ ΑΘΗΝΑΣ

ΑΘΗΝΑΙ, 11.— Το Οικονομικόν Επιμελητήριον της Ελλάδος κατέθεσεν εις το ταμείον του ΓΕΣ ποσόν 200.000 δρχ. διά την περίθαλψιν των σεισμοπαθών. Επίσης κατετέθησαν εισφοραί υπό των ανωνύμων εταιρειών και των εμπορικών συλλόγων.

ΑΘΗΝΑΙ, 11.— Το Οικονομικόν Επιμελητήριον της Ελλάδος κατέθεσεν εις το ταμείον του ΓΕΣ ποσόν 200.000 δρχ. διά την περίθαλψιν των σεισμοπαθών. Επίσης κατετέθησαν εισφοραί υπό των ανωνύμων εταιρειών και των εμπορικών συλλόγων.
